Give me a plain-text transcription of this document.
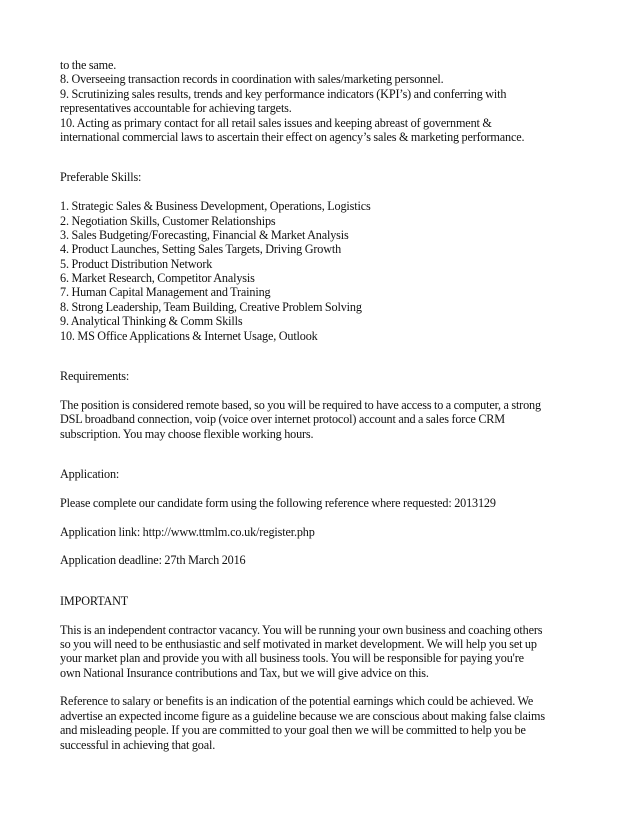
to the same.
8. Overseeing transaction records in coordination with sales/marketing personnel.
9. Scrutinizing sales results, trends and key performance indicators (KPI’s) and conferring with
representatives accountable for achieving targets.
10. Acting as primary contact for all retail sales issues and keeping abreast of government &
international commercial laws to ascertain their effect on agency’s sales & marketing performance.
Preferable Skills:
1. Strategic Sales & Business Development, Operations, Logistics
2. Negotiation Skills, Customer Relationships
3. Sales Budgeting/Forecasting, Financial & Market Analysis
4. Product Launches, Setting Sales Targets, Driving Growth
5. Product Distribution Network
6. Market Research, Competitor Analysis
7. Human Capital Management and Training
8. Strong Leadership, Team Building, Creative Problem Solving
9. Analytical Thinking & Comm Skills
10. MS Office Applications & Internet Usage, Outlook
Requirements:
The position is considered remote based, so you will be required to have access to a computer, a strong
DSL broadband connection, voip (voice over internet protocol) account and a sales force CRM
subscription. You may choose flexible working hours.
Application:
Please complete our candidate form using the following reference where requested: 2013129
Application link: http://www.ttmlm.co.uk/register.php
Application deadline: 27th March 2016
IMPORTANT
This is an independent contractor vacancy. You will be running your own business and coaching others
so you will need to be enthusiastic and self motivated in market development. We will help you set up
your market plan and provide you with all business tools. You will be responsible for paying you're
own National Insurance contributions and Tax, but we will give advice on this.
Reference to salary or benefits is an indication of the potential earnings which could be achieved. We
advertise an expected income figure as a guideline because we are conscious about making false claims
and misleading people. If you are committed to your goal then we will be committed to help you be
successful in achieving that goal.
